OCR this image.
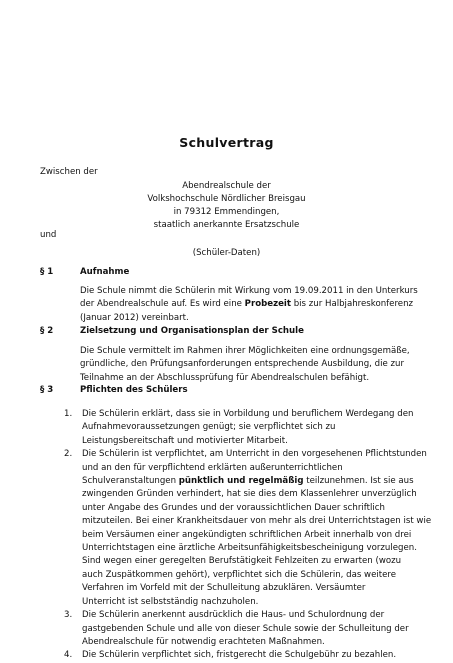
Schulvertrag
Zwischen der
Abendrealschule der
Volkshochschule Nördlicher Breisgau
in 79312 Emmendingen,
staatlich anerkannte Ersatzschule
und
(Schüler-Daten)
§ 1	Aufnahme
Die Schule nimmt die Schülerin mit Wirkung vom 19.09.2011 in den Unterkurs
der Abendrealschule auf. Es wird eine Probezeit bis zur Halbjahreskonferenz
(Januar 2012) vereinbart.
§ 2	Zielsetzung und Organisationsplan der Schule
Die Schule vermittelt im Rahmen ihrer Möglichkeiten eine ordnungsgemäße,
gründliche, den Prüfungsanforderungen entsprechende Ausbildung, die zur
Teilnahme an der Abschlussprüfung für Abendrealschulen befähigt.
§ 3	Pflichten des Schülers
1. Die Schülerin erklärt, dass sie in Vorbildung und beruflichem Werdegang den
Aufnahmevoraussetzungen genügt; sie verpflichtet sich zu
Leistungsbereitschaft und motivierter Mitarbeit.
2. Die Schülerin ist verpflichtet, am Unterricht in den vorgesehenen Pflichtstunden
und an den für verpflichtend erklärten außerunterrichtlichen
Schulveranstaltungen pünktlich und regelmäßig teilzunehmen. Ist sie aus
zwingenden Gründen verhindert, hat sie dies dem Klassenlehrer unverzüglich
unter Angabe des Grundes und der voraussichtlichen Dauer schriftlich
mitzuteilen. Bei einer Krankheitsdauer von mehr als drei Unterrichtstagen ist wie
beim Versäumen einer angekündigten schriftlichen Arbeit innerhalb von drei
Unterrichtstagen eine ärztliche Arbeitsunfähigkeitsbescheinigung vorzulegen.
Sind wegen einer geregelten Berufstätigkeit Fehlzeiten zu erwarten (wozu
auch Zuspätkommen gehört), verpflichtet sich die Schülerin, das weitere
Verfahren im Vorfeld mit der Schulleitung abzuklären. Versäumter
Unterricht ist selbstständig nachzuholen.
3. Die Schülerin anerkennt ausdrücklich die Haus- und Schulordnung der
gastgebenden Schule und alle von dieser Schule sowie der Schulleitung der
Abendrealschule für notwendig erachteten Maßnahmen.
4. Die Schülerin verpflichtet sich, fristgerecht die Schulgebühr zu bezahlen.
